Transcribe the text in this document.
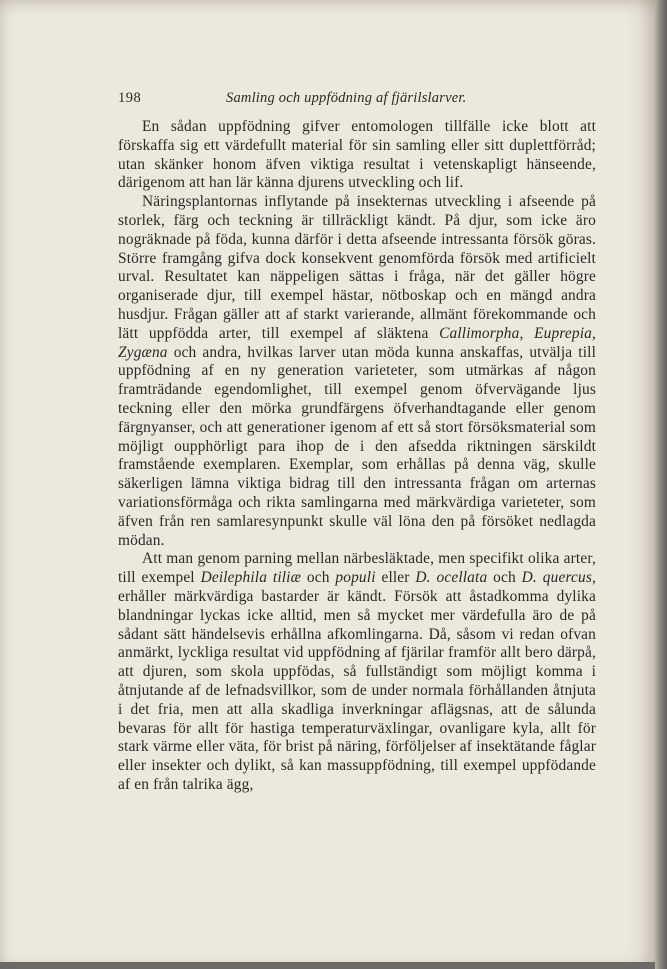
198	Samling och uppfödning af fjärilslarver.

En sådan uppfödning gifver entomologen tillfälle icke blott att förskaffa sig ett värdefullt material för sin samling eller sitt duplettförråd; utan skänker honom äfven viktiga resultat i vetenskapligt hänseende, därigenom att han lär känna djurens utveckling och lif.

Näringsplantornas inflytande på insekternas utveckling i afseende på storlek, färg och teckning är tillräckligt kändt. På djur, som icke äro nogräknade på föda, kunna därför i detta afseende intressanta försök göras. Större framgång gifva dock konsekvent genomförda försök med artificielt urval. Resultatet kan näppeligen sättas i fråga, när det gäller högre organiserade djur, till exempel hästar, nötboskap och en mängd andra husdjur. Frågan gäller att af starkt varierande, allmänt förekommande och lätt uppfödda arter, till exempel af släktena Callimorpha, Euprepia, Zygæna och andra, hvilkas larver utan möda kunna anskaffas, utvälja till uppfödning af en ny generation varieteter, som utmärkas af någon framträdande egendomlighet, till exempel genom öfvervägande ljus teckning eller den mörka grundfärgens öfverhandtagande eller genom färgnyanser, och att generationer igenom af ett så stort försöksmaterial som möjligt oupphörligt para ihop de i den afsedda riktningen särskildt framstående exemplaren. Exemplar, som erhållas på denna väg, skulle säkerligen lämna viktiga bidrag till den intressanta frågan om arternas variationsförmåga och rikta samlingarna med märkvärdiga varieteter, som äfven från ren samlaresynpunkt skulle väl löna den på försöket nedlagda mödan.

Att man genom parning mellan närbesläktade, men specifikt olika arter, till exempel Deilephila tiliæ och populi eller D. ocellata och D. quercus, erhåller märkvärdiga bastarder är kändt. Försök att åstadkomma dylika blandningar lyckas icke alltid, men så mycket mer värdefulla äro de på sådant sätt händelsevis erhållna afkomlingarna. Då, såsom vi redan ofvan anmärkt, lyckliga resultat vid uppfödning af fjärilar framför allt bero därpå, att djuren, som skola uppfödas, så fullständigt som möjligt komma i åtnjutande af de lefnadsvillkor, som de under normala förhållanden åtnjuta i det fria, men att alla skadliga inverkningar aflägsnas, att de sålunda bevaras för allt för hastiga temperaturväxlingar, ovanligare kyla, allt för stark värme eller väta, för brist på näring, förföljelser af insektätande fåglar eller insekter och dylikt, så kan massuppfödning, till exempel uppfödande af en från talrika ägg,
